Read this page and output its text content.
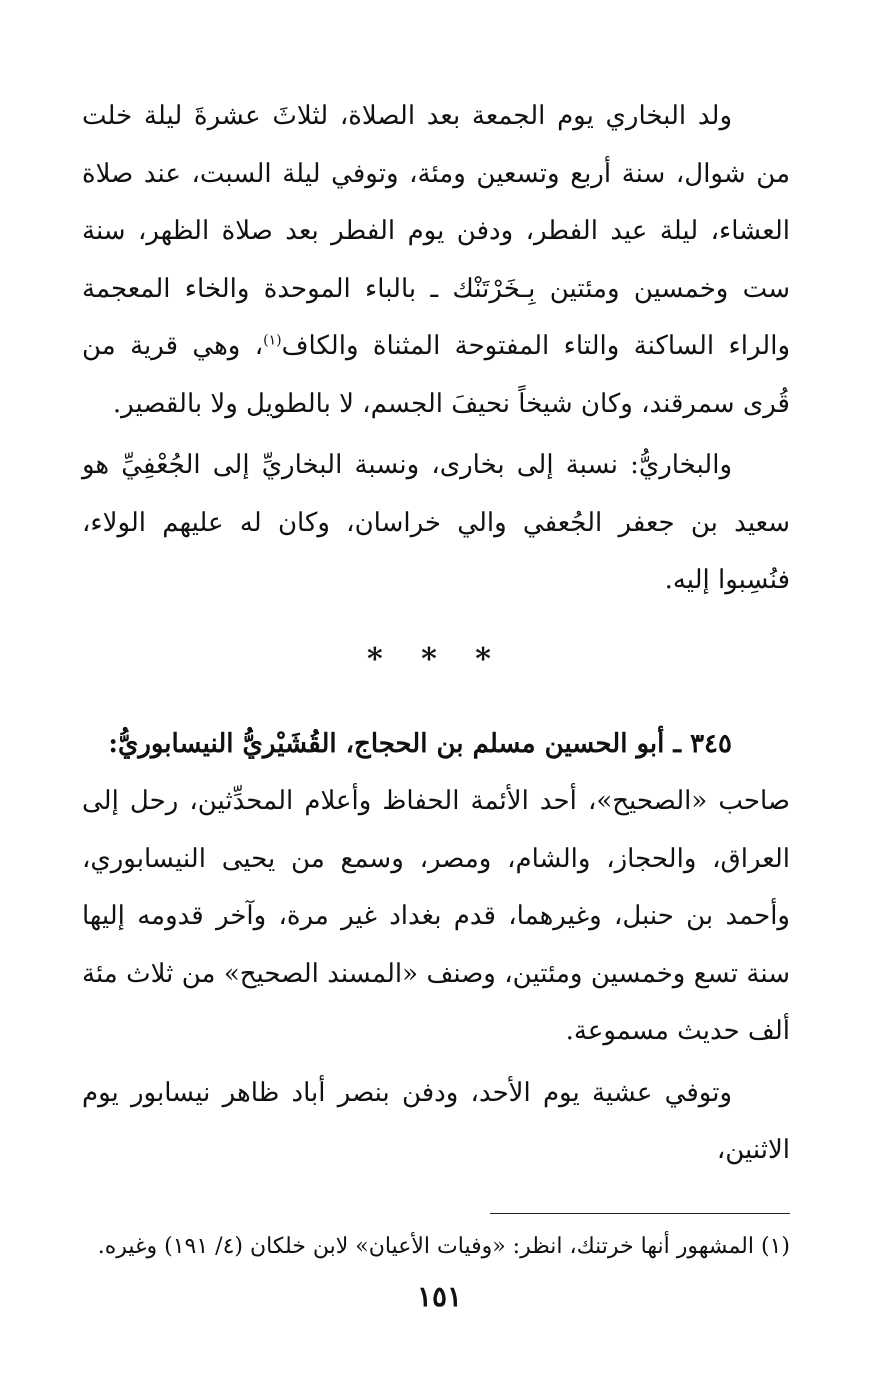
ولد البخاري يوم الجمعة بعد الصلاة، لثلاثَ عشرةَ ليلة خلت من شوال، سنة أربع وتسعين ومئة، وتوفي ليلة السبت، عند صلاة العشاء، ليلة عيد الفطر، ودفن يوم الفطر بعد صلاة الظهر، سنة ست وخمسين ومئتين بِـخَرْتَنْك ـ بالباء الموحدة والخاء المعجمة والراء الساكنة والتاء المفتوحة المثناة والكاف$^{(١)}$، وهي قرية من قُرى سمرقند، وكان شيخاً نحيفَ الجسم، لا بالطويل ولا بالقصير.

والبخاريُّ: نسبة إلى بخارى، ونسبة البخاريِّ إلى الجُعْفِيِّ هو سعيد بن جعفر الجُعفي والي خراسان، وكان له عليهم الولاء، فنُسِبوا إليه.

* * *

٣٤٥ ـ أبو الحسين مسلم بن الحجاج، القُشَيْريُّ النيسابوريُّ:
صاحب «الصحيح»، أحد الأئمة الحفاظ وأعلام المحدِّثين، رحل إلى العراق، والحجاز، والشام، ومصر، وسمع من يحيى النيسابوري، وأحمد بن حنبل، وغيرهما، قدم بغداد غير مرة، وآخر قدومه إليها سنة تسع وخمسين ومئتين، وصنف «المسند الصحيح» من ثلاث مئة ألف حديث مسموعة.

وتوفي عشية يوم الأحد، ودفن بنصر أباد ظاهر نيسابور يوم الاثنين،

(١) المشهور أنها خرتنك، انظر: «وفيات الأعيان» لابن خلكان (٤/ ١٩١) وغيره.

١٥١
